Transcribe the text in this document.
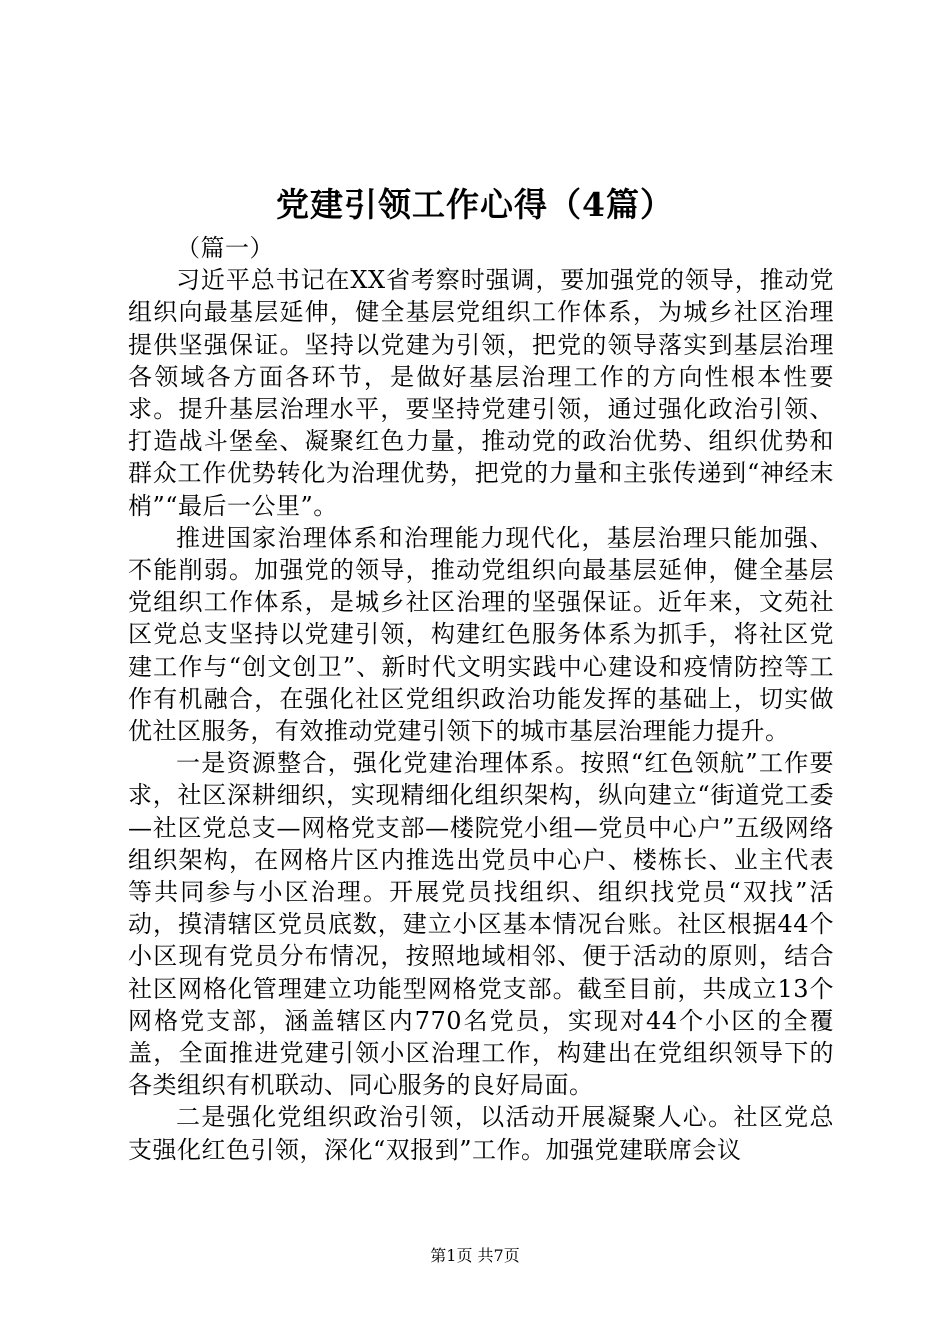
党建引领工作心得（4篇）
（篇一）

习近平总书记在XX省考察时强调，要加强党的领导，推动党组织向最基层延伸，健全基层党组织工作体系，为城乡社区治理提供坚强保证。坚持以党建为引领，把党的领导落实到基层治理各领域各方面各环节，是做好基层治理工作的方向性根本性要求。提升基层治理水平，要坚持党建引领，通过强化政治引领、打造战斗堡垒、凝聚红色力量，推动党的政治优势、组织优势和群众工作优势转化为治理优势，把党的力量和主张传递到“神经末梢”“最后一公里”。

推进国家治理体系和治理能力现代化，基层治理只能加强、不能削弱。加强党的领导，推动党组织向最基层延伸，健全基层党组织工作体系，是城乡社区治理的坚强保证。近年来，文苑社区党总支坚持以党建引领，构建红色服务体系为抓手，将社区党建工作与“创文创卫”、新时代文明实践中心建设和疫情防控等工作有机融合，在强化社区党组织政治功能发挥的基础上，切实做优社区服务，有效推动党建引领下的城市基层治理能力提升。

一是资源整合，强化党建治理体系。按照“红色领航”工作要求，社区深耕细织，实现精细化组织架构，纵向建立“街道党工委—社区党总支—网格党支部—楼院党小组—党员中心户”五级网络组织架构，在网格片区内推选出党员中心户、楼栋长、业主代表等共同参与小区治理。开展党员找组织、组织找党员“双找”活动，摸清辖区党员底数，建立小区基本情况台账。社区根据44个小区现有党员分布情况，按照地域相邻、便于活动的原则，结合社区网格化管理建立功能型网格党支部。截至目前，共成立13个网格党支部，涵盖辖区内770名党员，实现对44个小区的全覆盖，全面推进党建引领小区治理工作，构建出在党组织领导下的各类组织有机联动、同心服务的良好局面。

二是强化党组织政治引领，以活动开展凝聚人心。社区党总支强化红色引领，深化“双报到”工作。加强党建联席会议

第1页 共7页
